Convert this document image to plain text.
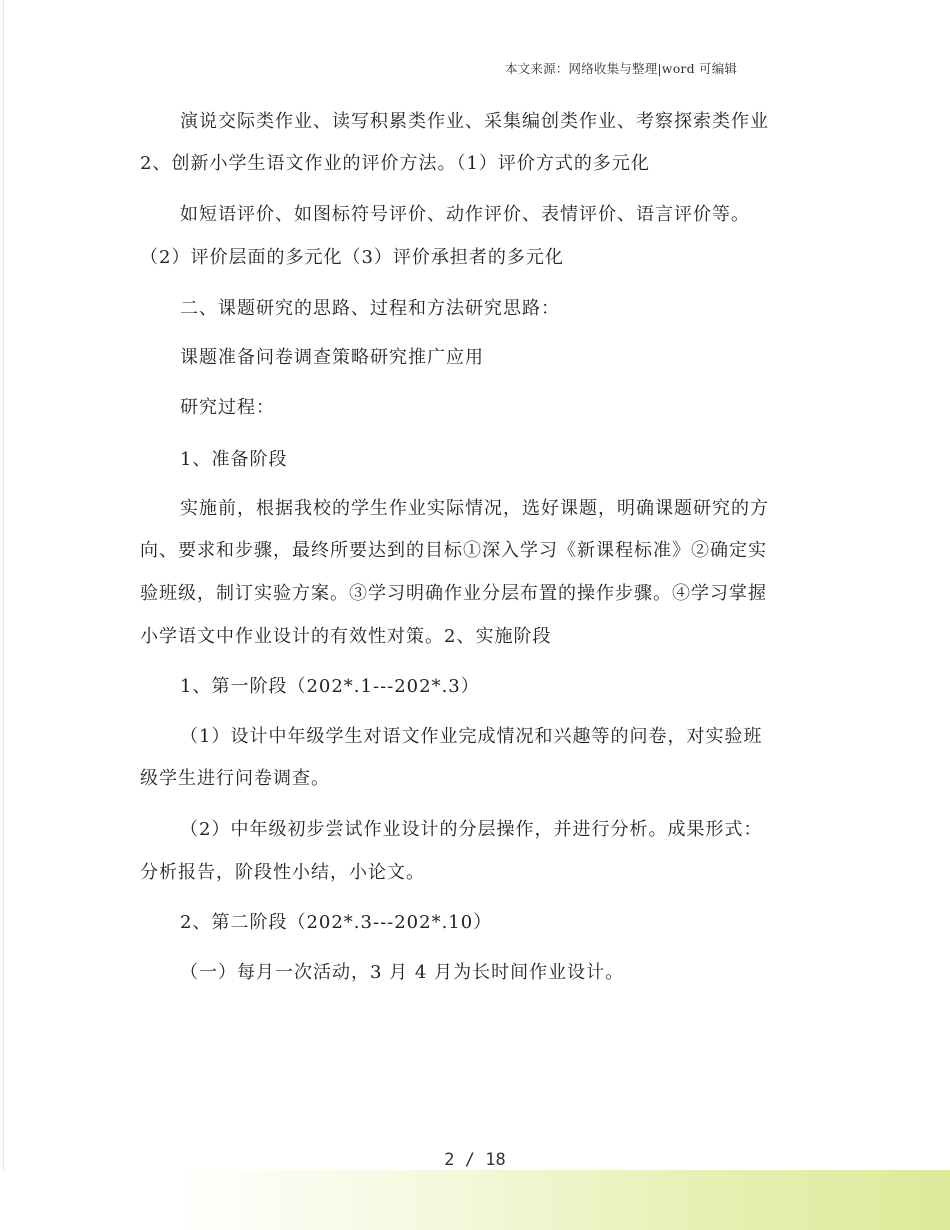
本文来源：网络收集与整理|word 可编辑
演说交际类作业、读写积累类作业、采集编创类作业、考察探索类作业
2、创新小学生语文作业的评价方法。（1）评价方式的多元化
如短语评价、如图标符号评价、动作评价、表情评价、语言评价等。
（2）评价层面的多元化（3）评价承担者的多元化
二、课题研究的思路、过程和方法研究思路：
课题准备问卷调查策略研究推广应用
研究过程：
1、准备阶段
实施前，根据我校的学生作业实际情况，选好课题，明确课题研究的方
向、要求和步骤，最终所要达到的目标①深入学习《新课程标准》②确定实
验班级，制订实验方案。③学习明确作业分层布置的操作步骤。④学习掌握
小学语文中作业设计的有效性对策。2、实施阶段
1、第一阶段（202*.1---202*.3）
（1）设计中年级学生对语文作业完成情况和兴趣等的问卷，对实验班
级学生进行问卷调查。
（2）中年级初步尝试作业设计的分层操作，并进行分析。成果形式：
分析报告，阶段性小结，小论文。
2、第二阶段（202*.3---202*.10）
（一）每月一次活动，3 月 4 月为长时间作业设计。
2 / 18
